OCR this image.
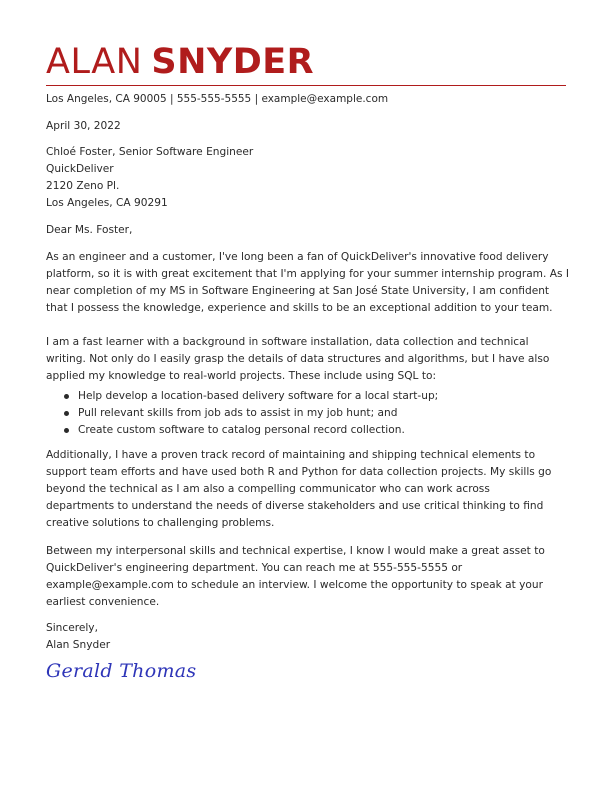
ALAN SNYDER
Los Angeles, CA 90005 | 555-555-5555 | example@example.com

April 30, 2022

Chloé Foster, Senior Software Engineer
QuickDeliver
2120 Zeno Pl.
Los Angeles, CA 90291

Dear Ms. Foster,

As an engineer and a customer, I've long been a fan of QuickDeliver's innovative food delivery
platform, so it is with great excitement that I'm applying for your summer internship program. As I
near completion of my MS in Software Engineering at San José State University, I am confident
that I possess the knowledge, experience and skills to be an exceptional addition to your team.
I am a fast learner with a background in software installation, data collection and technical
writing. Not only do I easily grasp the details of data structures and algorithms, but I have also
applied my knowledge to real-world projects. These include using SQL to:
Help develop a location-based delivery software for a local start-up;
Pull relevant skills from job ads to assist in my job hunt; and
Create custom software to catalog personal record collection.
Additionally, I have a proven track record of maintaining and shipping technical elements to
support team efforts and have used both R and Python for data collection projects. My skills go
beyond the technical as I am also a compelling communicator who can work across
departments to understand the needs of diverse stakeholders and use critical thinking to find
creative solutions to challenging problems.
Between my interpersonal skills and technical expertise, I know I would make a great asset to
QuickDeliver's engineering department. You can reach me at 555-555-5555 or
example@example.com to schedule an interview. I welcome the opportunity to speak at your
earliest convenience.
Sincerely,
Alan Snyder
Gerald Thomas
